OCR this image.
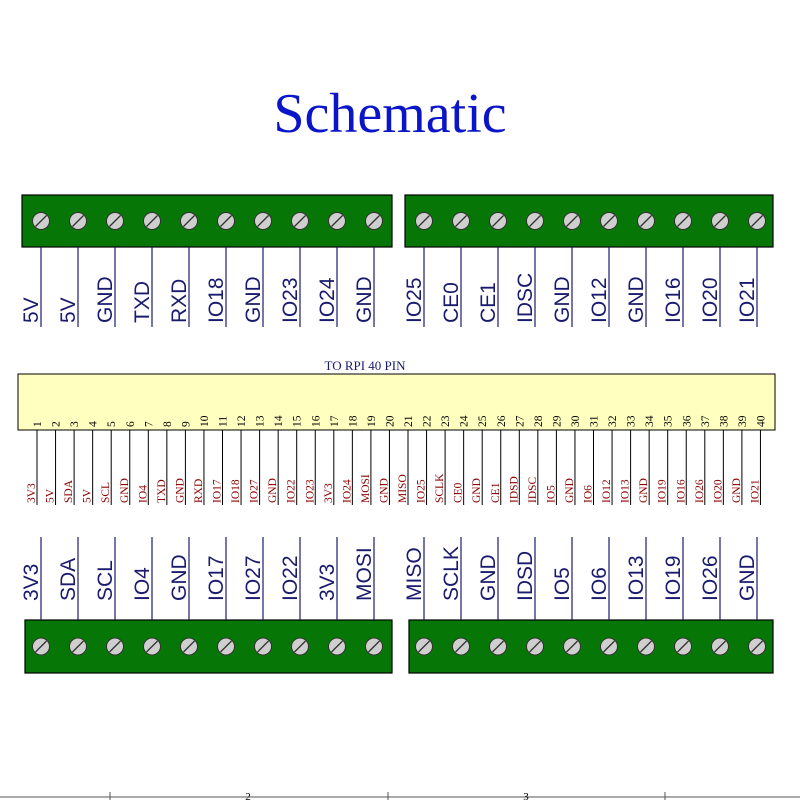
Schematic
5V 5V GND TXD RXD IO18 GND IO23 IO24 GND IO25 CE0 CE1 IDSC GND IO12 GND IO16 IO20 IO21
3V3 SDA SCL IO4 GND IO17 IO27 IO22 3V3 MOSI MISO SCLK GND IDSD IO5 IO6 IO13 IO19 IO26 GND
TO RPI 40 PIN
1
3V3
2
5V
3
SDA
4
5V
5
SCL
6
GND
7
IO4
8
TXD
9
GND
10
RXD
11
IO17
12
IO18
13
IO27
14
GND
15
IO22
16
IO23
17
3V3
18
IO24
19
MOSI
20
GND
21
MISO
22
IO25
23
SCLK
24
CE0
25
GND
26
CE1
27
IDSD
28
IDSC
29
IO5
30
GND
31
IO6
32
IO12
33
IO13
34
GND
35
IO19
36
IO16
37
IO26
38
IO20
39
GND
40
IO21
2	3
